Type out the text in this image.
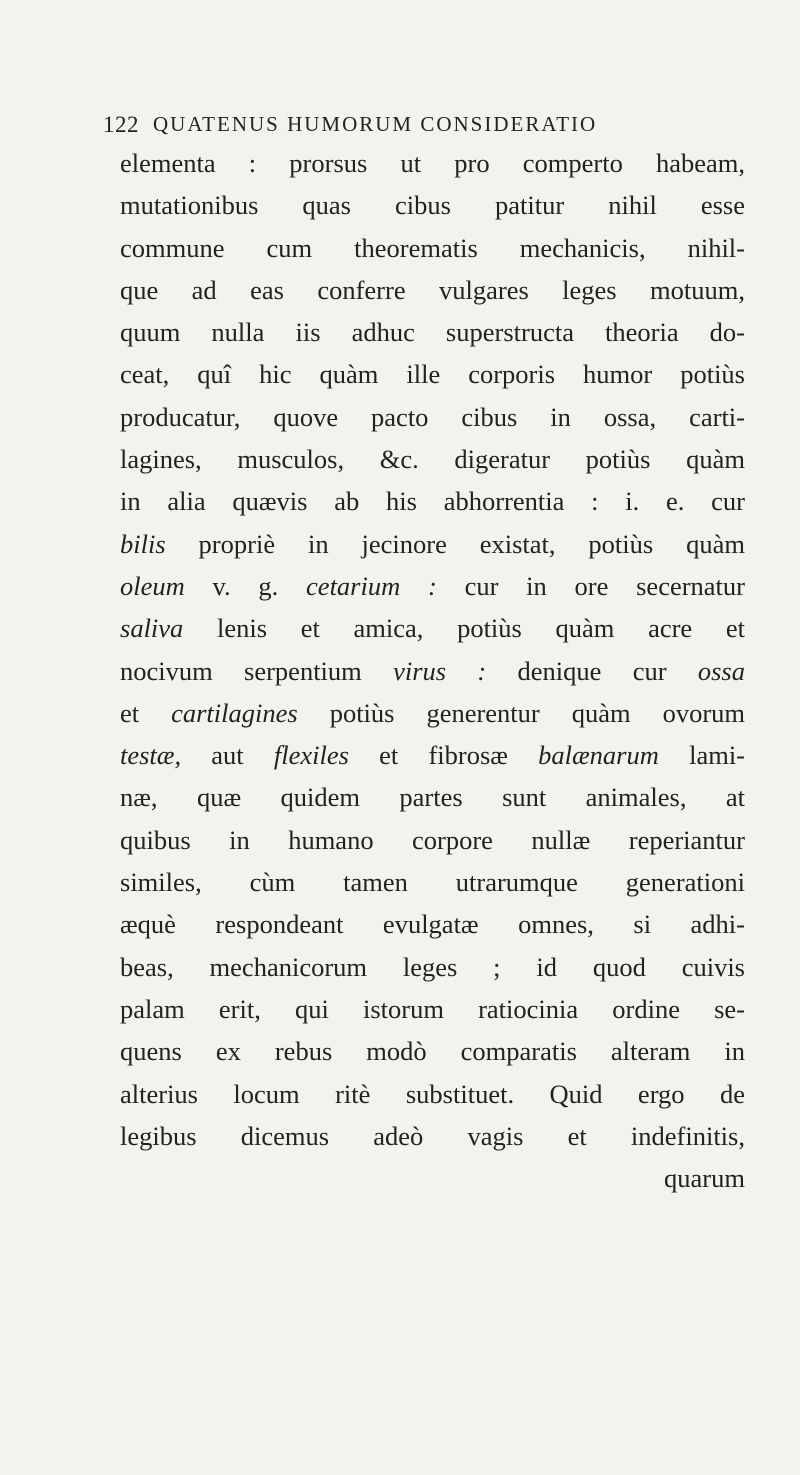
122 QUATENUS HUMORUM CONSIDERATIO
elementa : prorsus ut pro comperto habeam,
mutationibus quas cibus patitur nihil esse
commune cum theorematis mechanicis, nihil-
que ad eas conferre vulgares leges motuum,
quum nulla iis adhuc superstructa theoria do-
ceat, quî hic quàm ille corporis humor potiùs
producatur, quove pacto cibus in ossa, carti-
lagines, musculos, &c. digeratur potiùs quàm
in alia quævis ab his abhorrentia : i. e. cur
bilis propriè in jecinore existat, potiùs quàm
oleum v. g. cetarium : cur in ore secernatur
saliva lenis et amica, potiùs quàm acre et
nocivum serpentium virus : denique cur ossa
et cartilagines potiùs generentur quàm ovorum
testæ, aut flexiles et fibrosæ balænarum lami-
næ, quæ quidem partes sunt animales, at
quibus in humano corpore nullæ reperiantur
similes, cùm tamen utrarumque generationi
æquè respondeant evulgatæ omnes, si adhi-
beas, mechanicorum leges ; id quod cuivis
palam erit, qui istorum ratiocinia ordine se-
quens ex rebus modò comparatis alteram in
alterius locum ritè substituet. Quid ergo de
legibus dicemus adeò vagis et indefinitis,
quarum
